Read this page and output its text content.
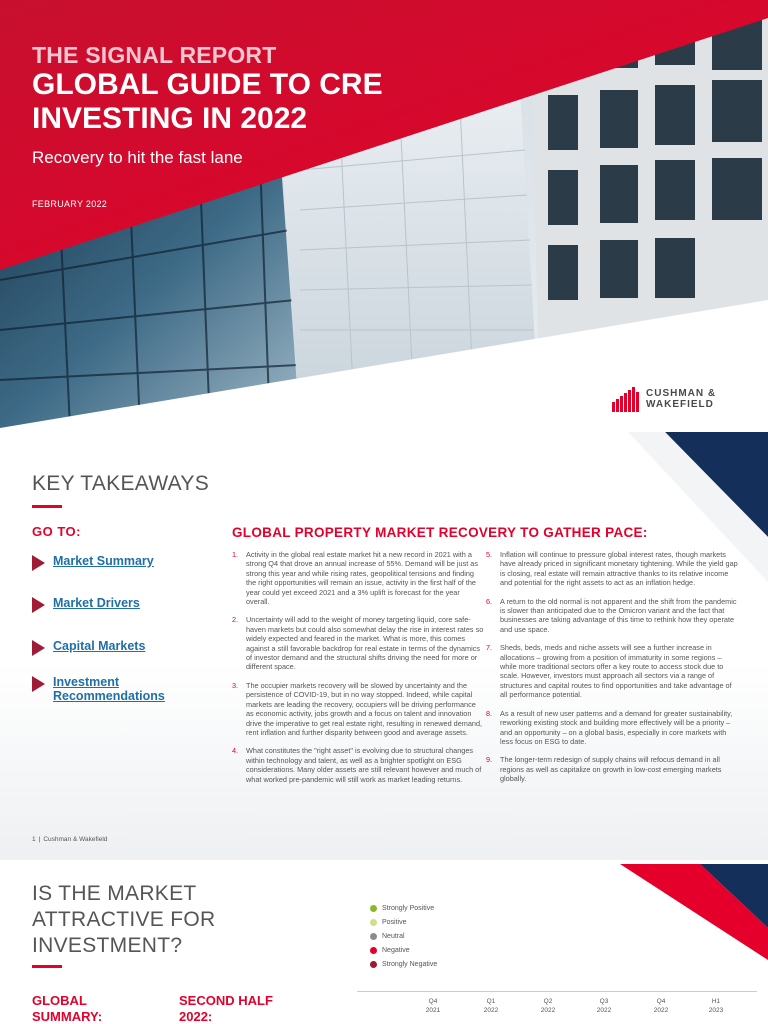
THE SIGNAL REPORT
GLOBAL GUIDE TO CRE
INVESTING IN 2022
Recovery to hit the fast lane
FEBRUARY 2022
CUSHMAN &
WAKEFIELD
KEY TAKEAWAYS
GO TO:
Market Summary
Market Drivers
Capital Markets
Investment Recommendations
GLOBAL PROPERTY MARKET RECOVERY TO GATHER PACE:
1.	Activity in the global real estate market hit a new record in 2021 with a strong Q4 that drove an annual increase of 55%. Demand will be just as strong this year and while rising rates, geopolitical tensions and finding the right opportunities will remain an issue, activity in the first half of the year could yet exceed 2021 and a 3% uplift is forecast for the year overall.
2.	Uncertainty will add to the weight of money targeting liquid, core safe-haven markets but could also somewhat delay the rise in interest rates so widely expected and feared in the market. What is more, this comes against a still favorable backdrop for real estate in terms of the dynamics of investor demand and the structural shifts driving the need for more or different space.
3.	The occupier markets recovery will be slowed by uncertainty and the persistence of COVID-19, but in no way stopped. Indeed, while capital markets are leading the recovery, occupiers will be driving performance as economic activity, jobs growth and a focus on talent and innovation drive the imperative to get real estate right, resulting in renewed demand, rent inflation and further disparity between good and average assets.
4.	What constitutes the "right asset" is evolving due to structural changes within technology and talent, as well as a brighter spotlight on ESG considerations. Many older assets are still relevant however and much of what worked pre-pandemic will still work as market leading returns.
5.	Inflation will continue to pressure global interest rates, though markets have already priced in significant monetary tightening. While the yield gap is closing, real estate will remain attractive thanks to its relative income and potential for the right assets to act as an inflation hedge.
6.	A return to the old normal is not apparent and the shift from the pandemic is slower than anticipated due to the Omicron variant and the fact that businesses are taking advantage of this time to rethink how they operate and use space.
7.	Sheds, beds, meds and niche assets will see a further increase in allocations – growing from a position of immaturity in some regions – while more traditional sectors offer a key route to access stock due to scale. However, investors must approach all sectors via a range of structures and capital routes to find opportunities and take advantage of all performance potential.
8.	As a result of new user patterns and a demand for greater sustainability, reworking existing stock and building more effectively will be a priority – and an opportunity – on a global basis, especially in core markets with less focus on ESG to date.
9.	The longer-term redesign of supply chains will refocus demand in all regions as well as capitalize on growth in low-cost emerging markets globally.
1 | Cushman & Wakefield
IS THE MARKET
ATTRACTIVE FOR
INVESTMENT?
Strongly Positive
Positive
Neutral
Negative
Strongly Negative
GLOBAL
SUMMARY:
SECOND HALF
2022:
Q4
2021
Q1
2022
Q2
2022
Q3
2022
Q4
2022
H1
2023
